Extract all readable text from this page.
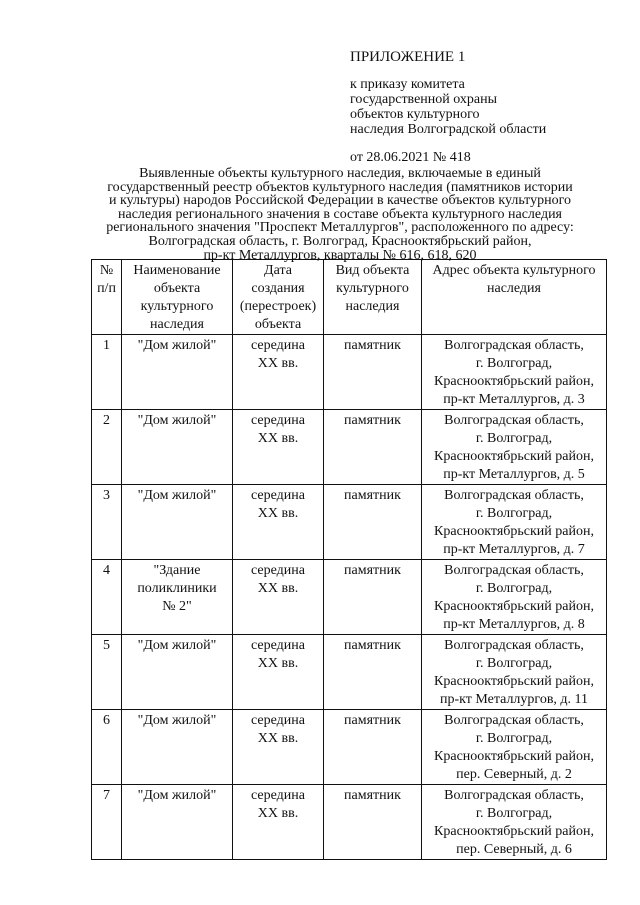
ПРИЛОЖЕНИЕ 1
к приказу комитета
государственной охраны
объектов культурного
наследия Волгоградской области
от 28.06.2021 № 418
Выявленные объекты культурного наследия, включаемые в единый
государственный реестр объектов культурного наследия (памятников истории
и культуры) народов Российской Федерации в качестве объектов культурного
наследия регионального значения в составе объекта культурного наследия
регионального значения "Проспект Металлургов", расположенного по адресу:
Волгоградская область, г. Волгоград, Краснооктябрьский район,
пр-кт Металлургов, кварталы № 616, 618, 620
№
п/п	Наименование
объекта
культурного
наследия	Дата
создания
(перестроек)
объекта	Вид объекта
культурного
наследия	Адрес объекта культурного
наследия

1	"Дом жилой"	середина
XX вв.	памятник	Волгоградская область,
г. Волгоград,
Краснооктябрьский район,
пр-кт Металлургов, д. 3

2	"Дом жилой"	середина
XX вв.	памятник	Волгоградская область,
г. Волгоград,
Краснооктябрьский район,
пр-кт Металлургов, д. 5

3	"Дом жилой"	середина
XX вв.	памятник	Волгоградская область,
г. Волгоград,
Краснооктябрьский район,
пр-кт Металлургов, д. 7

4	"Здание
поликлиники
№ 2"	середина
XX вв.	памятник	Волгоградская область,
г. Волгоград,
Краснооктябрьский район,
пр-кт Металлургов, д. 8

5	"Дом жилой"	середина
XX вв.	памятник	Волгоградская область,
г. Волгоград,
Краснооктябрьский район,
пр-кт Металлургов, д. 11

6	"Дом жилой"	середина
XX вв.	памятник	Волгоградская область,
г. Волгоград,
Краснооктябрьский район,
пер. Северный, д. 2

7	"Дом жилой"	середина
XX вв.	памятник	Волгоградская область,
г. Волгоград,
Краснооктябрьский район,
пер. Северный, д. 6
